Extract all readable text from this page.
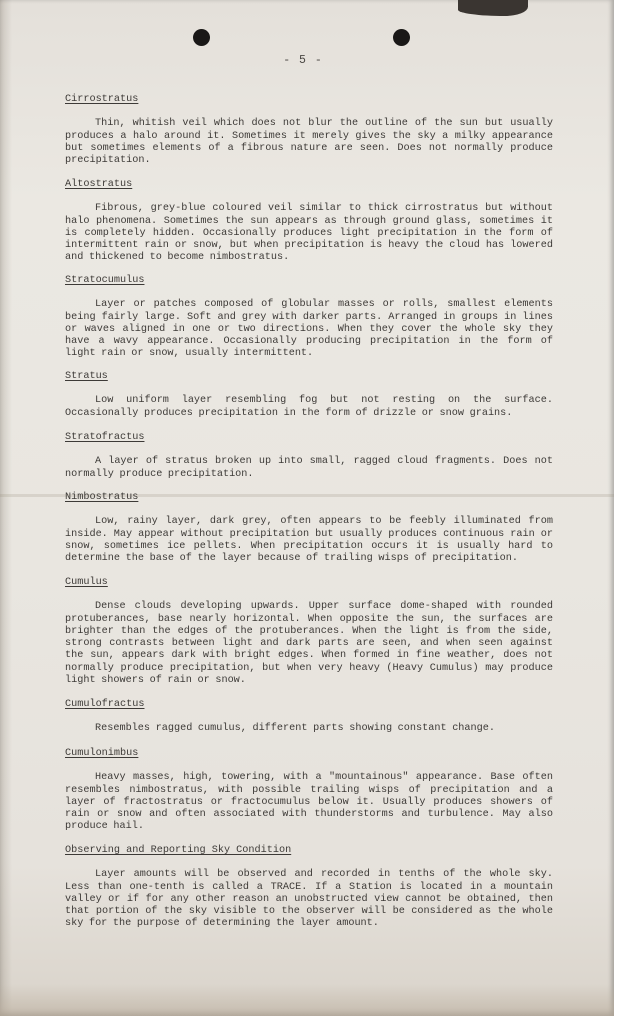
- 5 -
Cirrostratus

Thin, whitish veil which does not blur the outline of the sun but usually produces a halo around it. Sometimes it merely gives the sky a milky appearance but sometimes elements of a fibrous nature are seen. Does not normally produce precipitation.

Altostratus

Fibrous, grey-blue coloured veil similar to thick cirrostratus but without halo phenomena. Sometimes the sun appears as through ground glass, sometimes it is completely hidden. Occasionally produces light precipitation in the form of intermittent rain or snow, but when precipitation is heavy the cloud has lowered and thickened to become nimbostratus.

Stratocumulus

Layer or patches composed of globular masses or rolls, smallest elements being fairly large. Soft and grey with darker parts. Arranged in groups in lines or waves aligned in one or two directions. When they cover the whole sky they have a wavy appearance. Occasionally producing precipitation in the form of light rain or snow, usually intermittent.

Stratus

Low uniform layer resembling fog but not resting on the surface. Occasionally produces precipitation in the form of drizzle or snow grains.

Stratofractus

A layer of stratus broken up into small, ragged cloud fragments. Does not normally produce precipitation.

Nimbostratus

Low, rainy layer, dark grey, often appears to be feebly illuminated from inside. May appear without precipitation but usually produces continuous rain or snow, sometimes ice pellets. When precipitation occurs it is usually hard to determine the base of the layer because of trailing wisps of precipitation.

Cumulus

Dense clouds developing upwards. Upper surface dome-shaped with rounded protuberances, base nearly horizontal. When opposite the sun, the surfaces are brighter than the edges of the protuberances. When the light is from the side, strong contrasts between light and dark parts are seen, and when seen against the sun, appears dark with bright edges. When formed in fine weather, does not normally produce precipitation, but when very heavy (Heavy Cumulus) may produce light showers of rain or snow.

Cumulofractus

Resembles ragged cumulus, different parts showing constant change.

Cumulonimbus

Heavy masses, high, towering, with a "mountainous" appearance. Base often resembles nimbostratus, with possible trailing wisps of precipitation and a layer of fractostratus or fractocumulus below it. Usually produces showers of rain or snow and often associated with thunderstorms and turbulence. May also produce hail.

Observing and Reporting Sky Condition

Layer amounts will be observed and recorded in tenths of the whole sky. Less than one-tenth is called a TRACE. If a Station is located in a mountain valley or if for any other reason an unobstructed view cannot be obtained, then that portion of the sky visible to the observer will be considered as the whole sky for the purpose of determining the layer amount.
